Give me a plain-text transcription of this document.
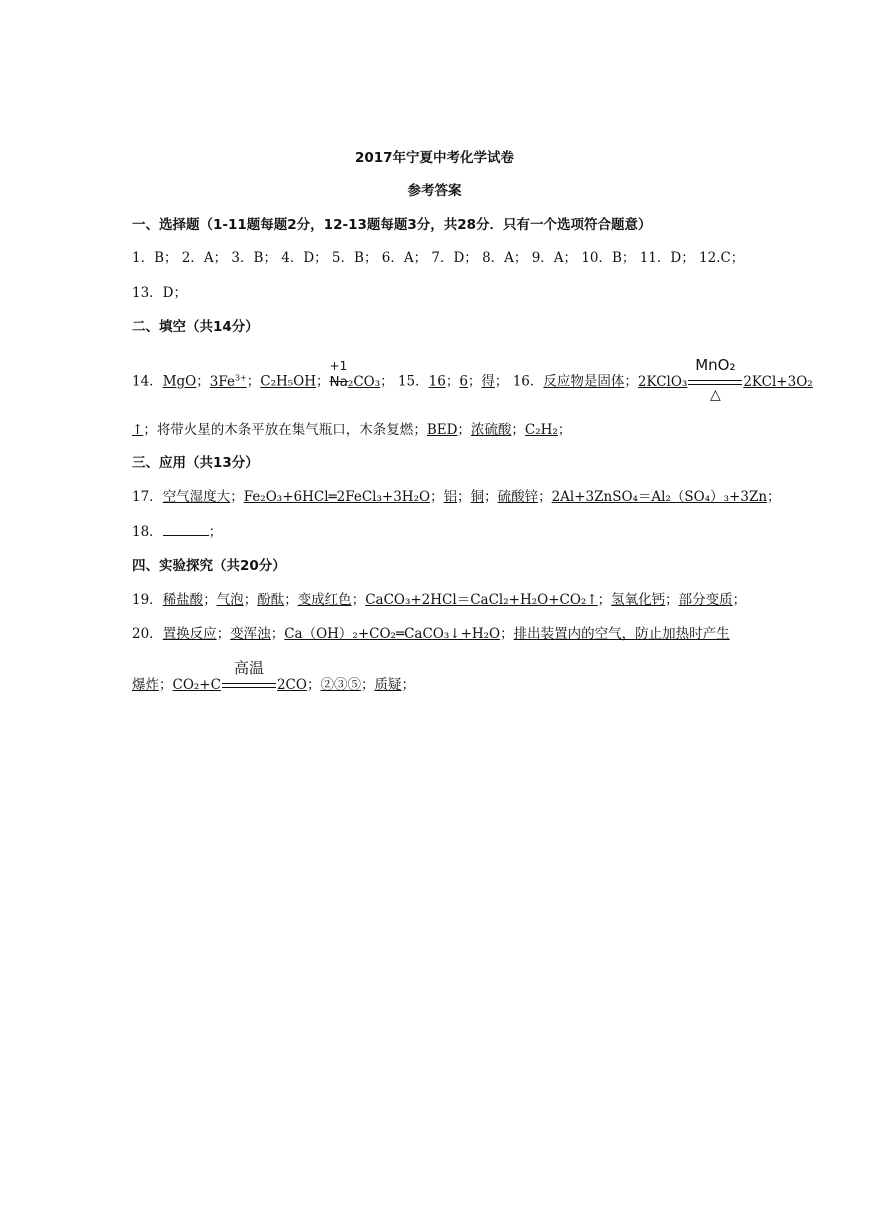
2017年宁夏中考化学试卷
参考答案
一、选择题（1-11题每题2分，12-13题每题3分，共28分．只有一个选项符合题意）
1．B； 2．A； 3．B； 4．D； 5．B； 6．A； 7．D； 8．A； 9．A； 10．B； 11．D； 12.C；
13．D；
二、填空（共14分）
14．MgO；$3Fe^{3+}$；C₂H₅OH；
+1
Na₂CO₃； 15．16；6；得； 16．反应物是固体；2KClO₃
MnO₂
△
2KCl+3O₂
↑；将带火星的木条平放在集气瓶口，木条复燃；BED；浓硫酸；C₂H₂；
三、应用（共13分）
17．空气湿度大；Fe₂O₃+6HCl═2FeCl₃+3H₂O；铝；铜；硫酸锌；2Al+3ZnSO₄＝Al₂（SO₄）₃+3Zn；
18．	；
四、实验探究（共20分）
19．稀盐酸；气泡；酚酞；变成红色；CaCO₃+2HCl＝CaCl₂+H₂O+CO₂↑；氢氧化钙；部分变质；
20．置换反应；变浑浊；Ca（OH）₂+CO₂═CaCO₃↓+H₂O；排出装置内的空气，防止加热时产生
爆炸；CO₂+C
高温
2CO；②③⑤；质疑；
